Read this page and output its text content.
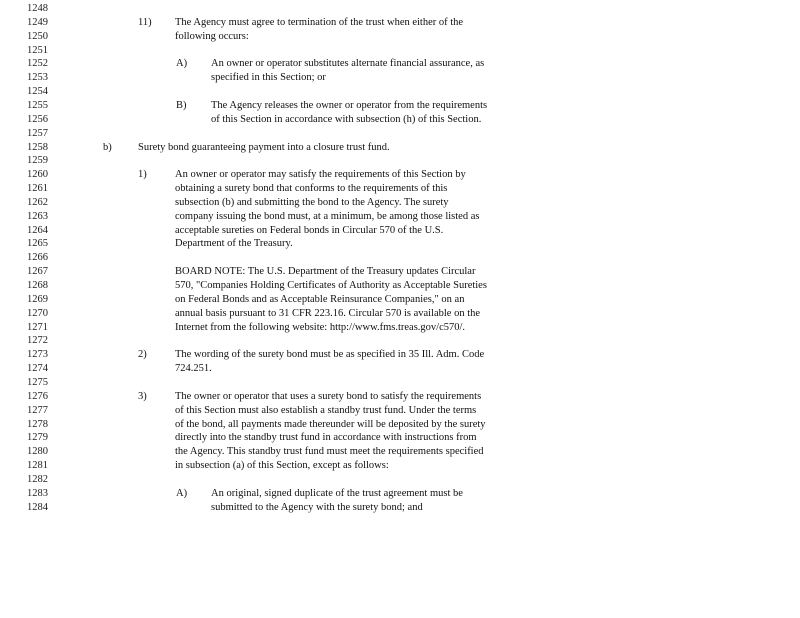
1248
1249	11) The Agency must agree to termination of the trust when either of the
1250	following occurs:
1251
1252	A) An owner or operator substitutes alternate financial assurance, as
1253	specified in this Section; or
1254
1255	B) The Agency releases the owner or operator from the requirements
1256	of this Section in accordance with subsection (h) of this Section.
1257
1258	b)	Surety bond guaranteeing payment into a closure trust fund.
1259
1260	1)	An owner or operator may satisfy the requirements of this Section by
1261	obtaining a surety bond that conforms to the requirements of this
1262	subsection (b) and submitting the bond to the Agency. The surety
1263	company issuing the bond must, at a minimum, be among those listed as
1264	acceptable sureties on Federal bonds in Circular 570 of the U.S.
1265	Department of the Treasury.
1266
1267	BOARD NOTE: The U.S. Department of the Treasury updates Circular
1268	570, "Companies Holding Certificates of Authority as Acceptable Sureties
1269	on Federal Bonds and as Acceptable Reinsurance Companies," on an
1270	annual basis pursuant to 31 CFR 223.16. Circular 570 is available on the
1271	Internet from the following website: http://www.fms.treas.gov/c570/.
1272
1273	2)	The wording of the surety bond must be as specified in 35 Ill. Adm. Code
1274	724.251.
1275
1276	3)	The owner or operator that uses a surety bond to satisfy the requirements
1277	of this Section must also establish a standby trust fund. Under the terms
1278	of the bond, all payments made thereunder will be deposited by the surety
1279	directly into the standby trust fund in accordance with instructions from
1280	the Agency. This standby trust fund must meet the requirements specified
1281	in subsection (a) of this Section, except as follows:
1282
1283	A) An original, signed duplicate of the trust agreement must be
1284	submitted to the Agency with the surety bond; and
